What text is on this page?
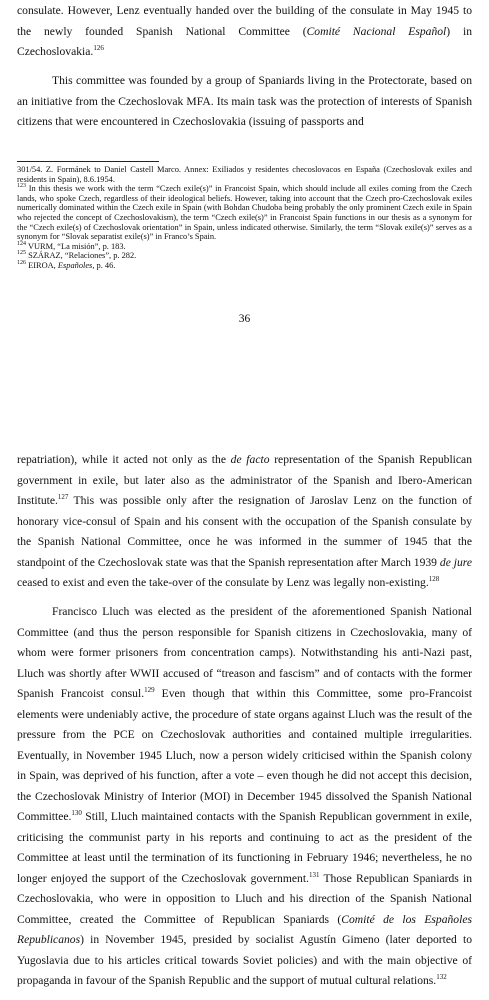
consulate. However, Lenz eventually handed over the building of the consulate in May 1945 to the newly founded Spanish National Committee (Comité Nacional Español) in Czechoslovakia.$^{126}$

This committee was founded by a group of Spaniards living in the Protectorate, based on an initiative from the Czechoslovak MFA. Its main task was the protection of interests of Spanish citizens that were encountered in Czechoslovakia (issuing of passports and

301/54. Z. Formánek to Daniel Castell Marco. Annex: Exiliados y residentes checoslovacos en España (Czechoslovak exiles and residents in Spain), 8.6.1954.

$^{123}$ In this thesis we work with the term “Czech exile(s)” in Francoist Spain, which should include all exiles coming from the Czech lands, who spoke Czech, regardless of their ideological beliefs. However, taking into account that the Czech pro-Czechoslovak exiles numerically dominated within the Czech exile in Spain (with Bohdan Chudoba being probably the only prominent Czech exile in Spain who rejected the concept of Czechoslovakism), the term “Czech exile(s)” in Francoist Spain functions in our thesis as a synonym for the “Czech exile(s) of Czechoslovak orientation” in Spain, unless indicated otherwise. Similarly, the term “Slovak exile(s)” serves as a synonym for “Slovak separatist exile(s)” in Franco’s Spain.

$^{124}$ VURM, “La misión”, p. 183.

$^{125}$ SZÁRAZ, “Relaciones”, p. 282.

$^{126}$ EIROA, Españoles, p. 46.

36

repatriation), while it acted not only as the de facto representation of the Spanish Republican government in exile, but later also as the administrator of the Spanish and Ibero-American Institute.$^{127}$ This was possible only after the resignation of Jaroslav Lenz on the function of honorary vice-consul of Spain and his consent with the occupation of the Spanish consulate by the Spanish National Committee, once he was informed in the summer of 1945 that the standpoint of the Czechoslovak state was that the Spanish representation after March 1939 de jure ceased to exist and even the take-over of the consulate by Lenz was legally non-existing.$^{128}$

Francisco Lluch was elected as the president of the aforementioned Spanish National Committee (and thus the person responsible for Spanish citizens in Czechoslovakia, many of whom were former prisoners from concentration camps). Notwithstanding his anti-Nazi past, Lluch was shortly after WWII accused of “treason and fascism” and of contacts with the former Spanish Francoist consul.$^{129}$ Even though that within this Committee, some pro-Francoist elements were undeniably active, the procedure of state organs against Lluch was the result of the pressure from the PCE on Czechoslovak authorities and contained multiple irregularities. Eventually, in November 1945 Lluch, now a person widely criticised within the Spanish colony in Spain, was deprived of his function, after a vote – even though he did not accept this decision, the Czechoslovak Ministry of Interior (MOI) in December 1945 dissolved the Spanish National Committee.$^{130}$ Still, Lluch maintained contacts with the Spanish Republican government in exile, criticising the communist party in his reports and continuing to act as the president of the Committee at least until the termination of its functioning in February 1946; nevertheless, he no longer enjoyed the support of the Czechoslovak government.$^{131}$ Those Republican Spaniards in Czechoslovakia, who were in opposition to Lluch and his direction of the Spanish National Committee, created the Committee of Republican Spaniards (Comité de los Españoles Republicanos) in November 1945, presided by socialist Agustín Gimeno (later deported to Yugoslavia due to his articles critical towards Soviet policies) and with the main objective of propaganda in favour of the Spanish Republic and the support of mutual cultural relations.$^{132}$
